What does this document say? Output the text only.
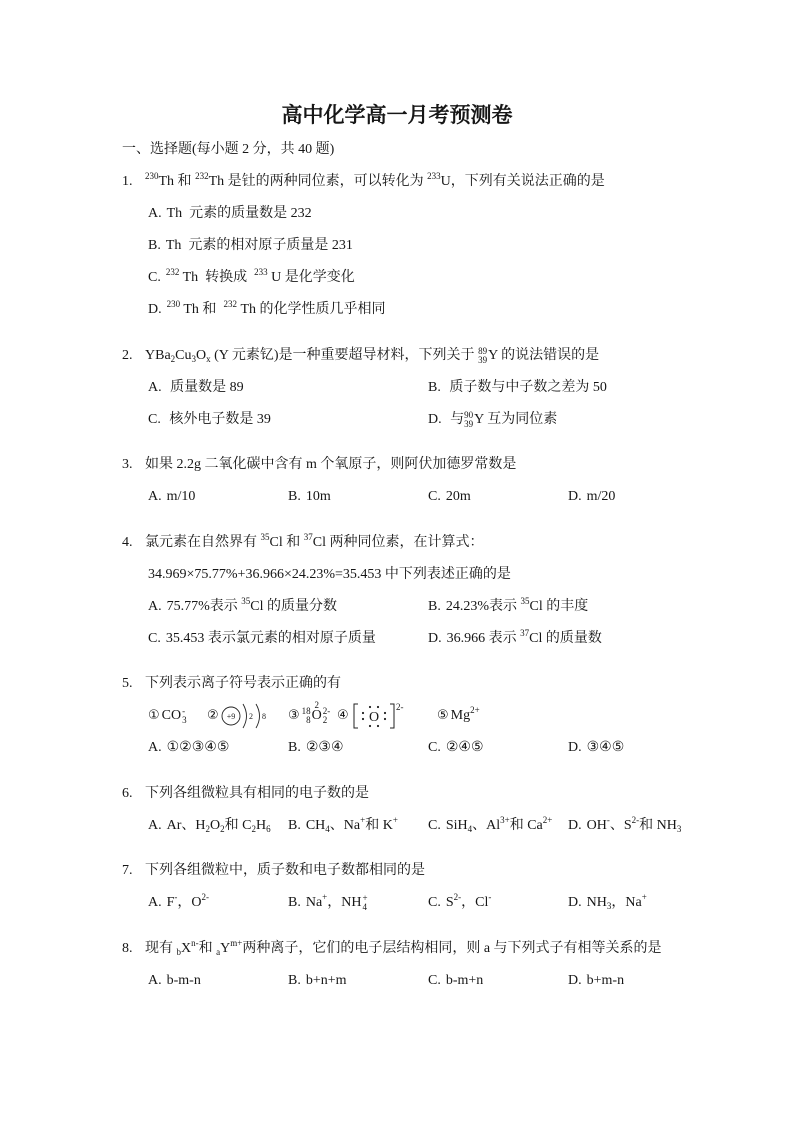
高中化学高一月考预测卷
一、选择题(每小题 2 分，共 40 题)
1. $^{230}$Th 和 $^{232}$Th 是钍的两种同位素，可以转化为 $^{233}$U，下列有关说法正确的是
A. Th  元素的质量数是 232
B. Th  元素的相对原子质量是 231
C. $^{232}$ Th  转换成  $^{233}$ U 是化学变化
D. $^{230}$ Th 和  $^{232}$ Th 的化学性质几乎相同
2. $YBa_2Cu_3O_x$ (Y 元素钇)是一种重要超导材料，下列关于 89
39 Y 的说法错误的是
A. 质量数是 89	B. 质子数与中子数之差为 50
C. 核外电子数是 39	D. 与 90
39 Y 互为同位素
3. 如果 2.2g 二氧化碳中含有 m 个氧原子，则阿伏加德罗常数是
A. m/10	B. 10m	C. 20m	D. m/20
4. 氯元素在自然界有 $^{35}$Cl 和 $^{37}$Cl 两种同位素，在计算式：
34.969×75.77%+36.966×24.23%=35.453 中下列表述正确的是
A. 75.77%表示 $^{35}$Cl 的质量分数	B. 24.23%表示 $^{35}$Cl 的丰度
C. 35.453 表示氯元素的相对原子质量	D. 36.966 表示 $^{37}$Cl 的质量数
5. 下列表示离子符号表示正确的有
① CO -
3 ② +9 2 8 ③ 18
8
2
O 2-
2 ④ O
2-
⑤ $Mg^{2+}$
A. ①②③④⑤	B. ②③④	C. ②④⑤	D. ③④⑤
6. 下列各组微粒具有相同的电子数的是
A. Ar、$H_2O_2$和 $C_2H_6$	B. $CH_4$、Na+和 K+	C. SiH$_4$、$Al^{3+}$和 $Ca^{2+}$	D. OH-、$S^{2-}$和 $NH_3$
7. 下列各组微粒中，质子数和电子数都相同的是
A. F-，$O^{2-}$	B. Na+，NH +
4	C. $S^{2-}$，Cl-	D. $NH_3$，Na+
8. 现有 $_bX^{n-}$和 $_aY^{m+}$两种离子，它们的电子层结构相同，则 a 与下列式子有相等关系的是
A. b-m-n	B. b+n+m	C. b-m+n	D. b+m-n
